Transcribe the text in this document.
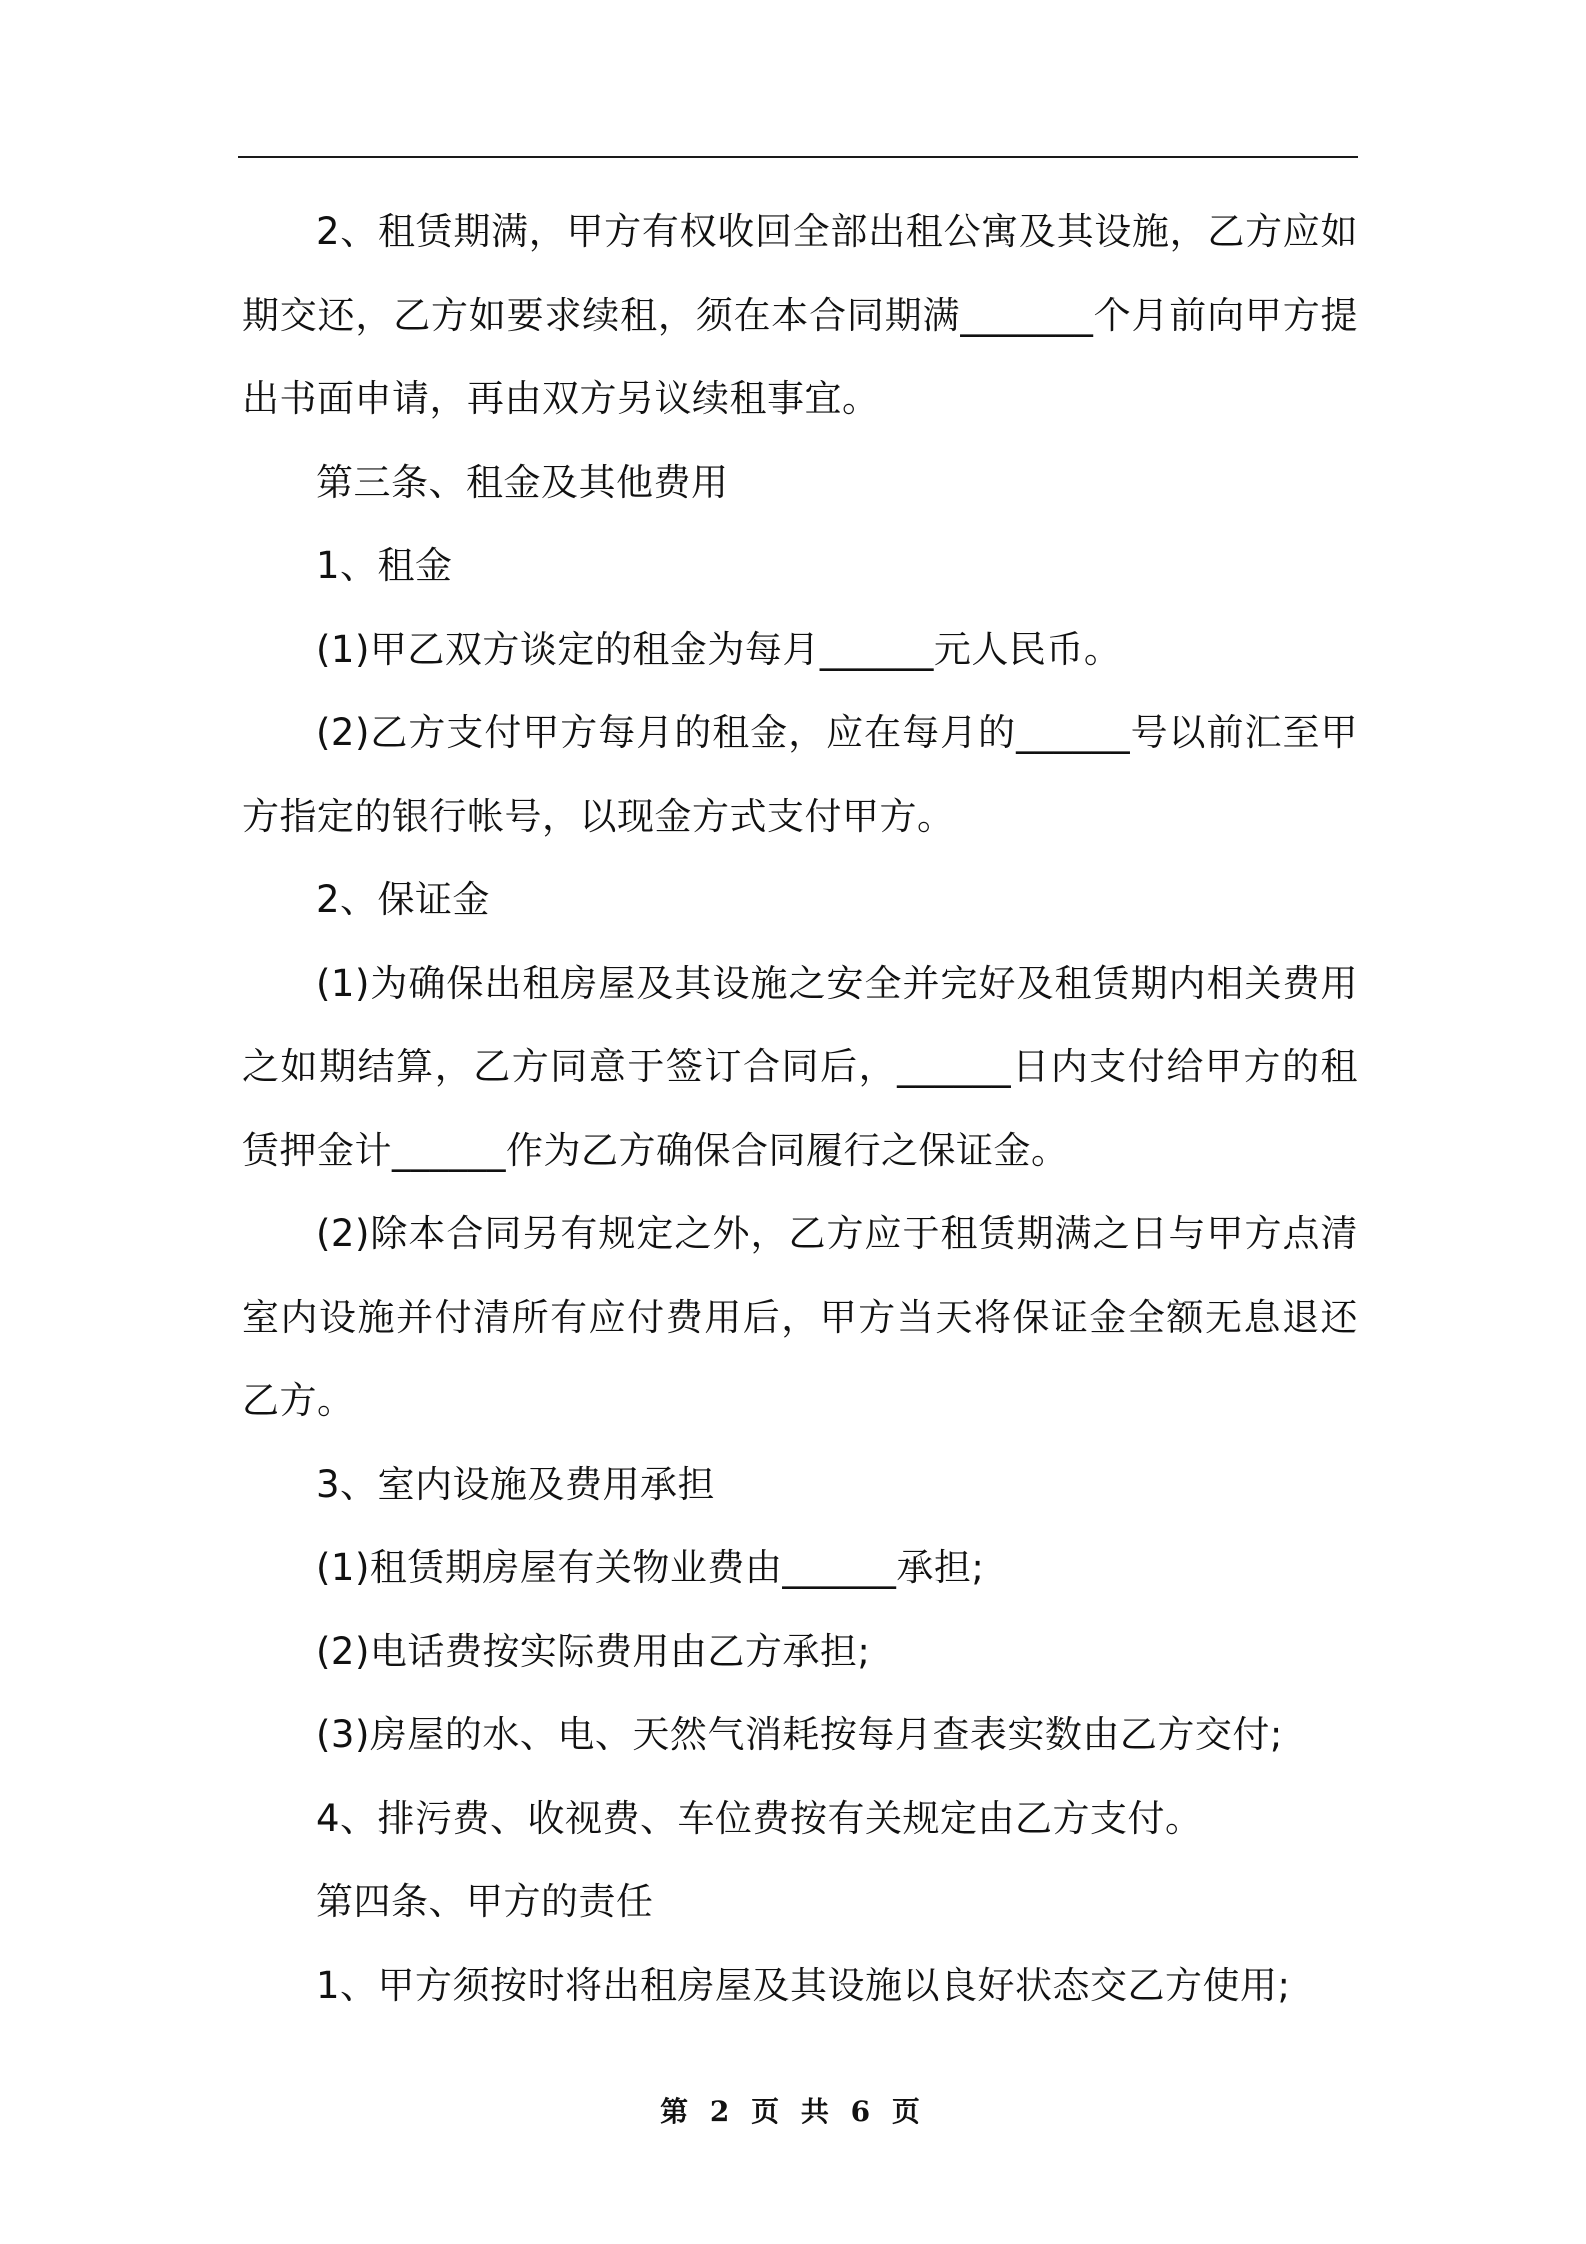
2、租赁期满，甲方有权收回全部出租公寓及其设施，乙方应如期交还，乙方如要求续租，须在本合同期满_______个月前向甲方提出书面申请，再由双方另议续租事宜。

第三条、租金及其他费用

1、租金

(1)甲乙双方谈定的租金为每月______元人民币。

(2)乙方支付甲方每月的租金，应在每月的______号以前汇至甲方指定的银行帐号，以现金方式支付甲方。

2、保证金

(1)为确保出租房屋及其设施之安全并完好及租赁期内相关费用之如期结算，乙方同意于签订合同后，______日内支付给甲方的租赁押金计______作为乙方确保合同履行之保证金。

(2)除本合同另有规定之外，乙方应于租赁期满之日与甲方点清室内设施并付清所有应付费用后，甲方当天将保证金全额无息退还乙方。

3、室内设施及费用承担

(1)租赁期房屋有关物业费由______承担;

(2)电话费按实际费用由乙方承担;

(3)房屋的水、电、天然气消耗按每月查表实数由乙方交付;

4、排污费、收视费、车位费按有关规定由乙方支付。

第四条、甲方的责任

1、甲方须按时将出租房屋及其设施以良好状态交乙方使用;

第 2 页 共 6 页
